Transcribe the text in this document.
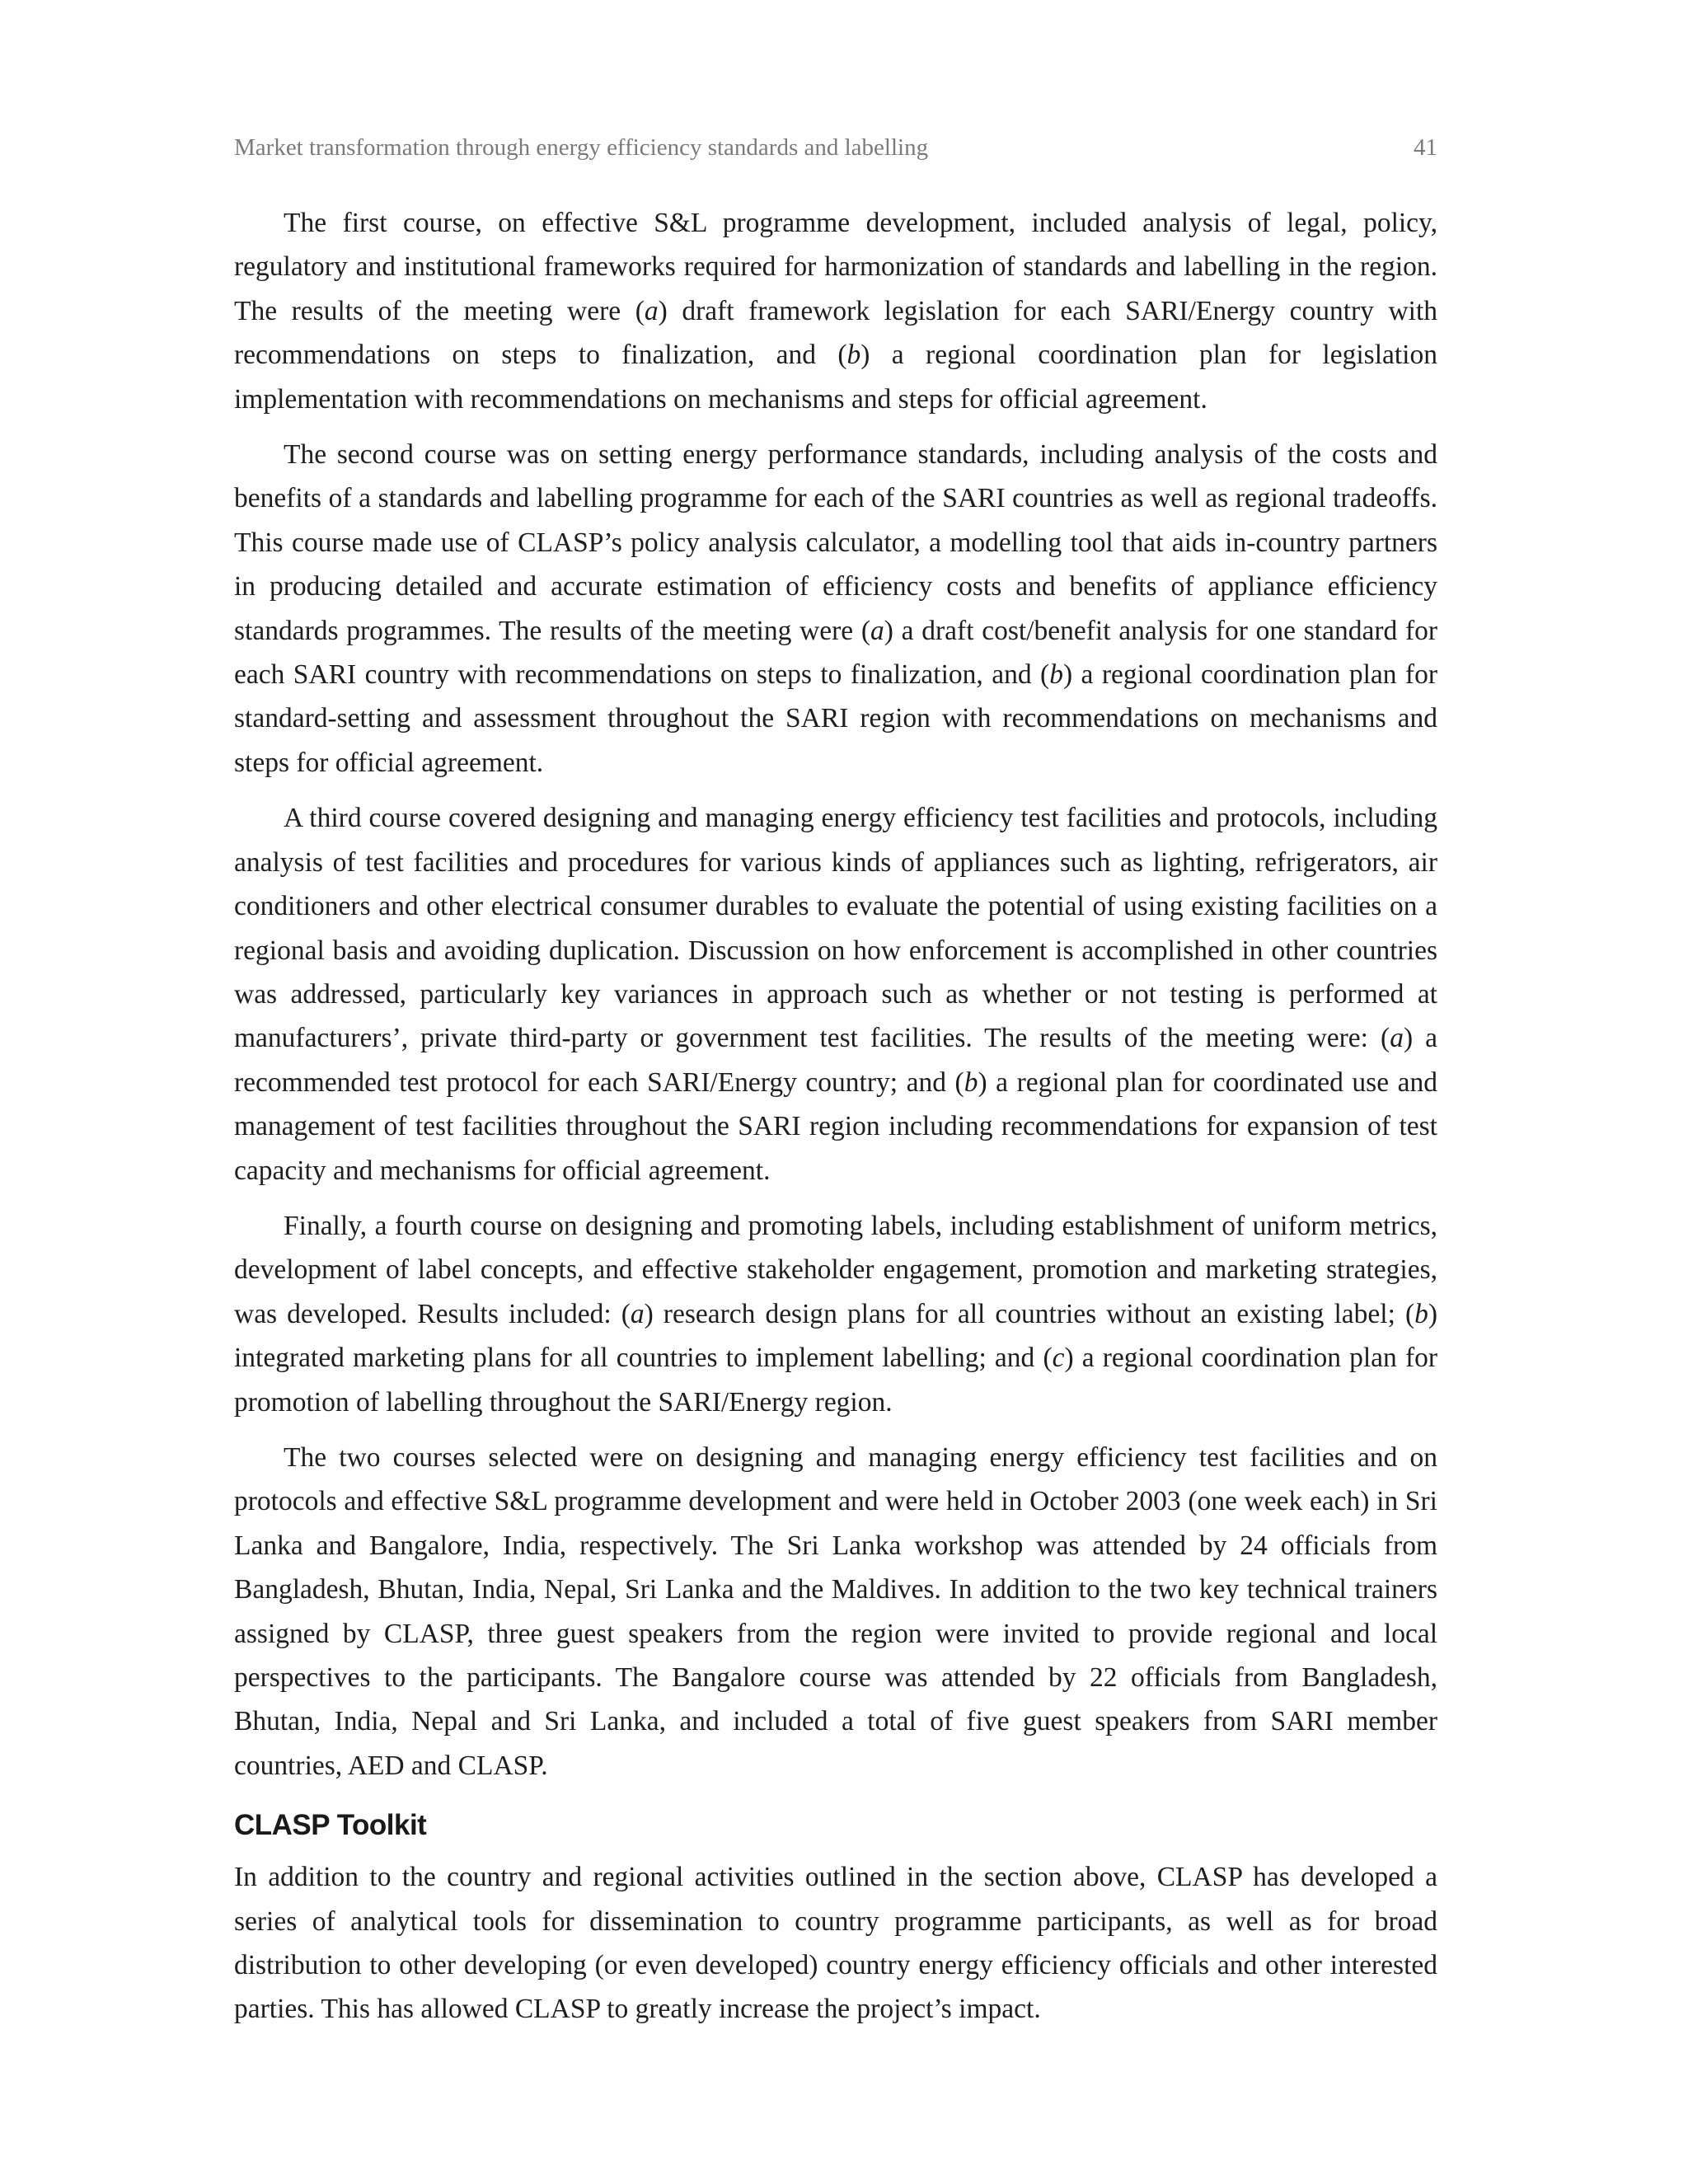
Market transformation through energy efficiency standards and labelling	41

The first course, on effective S&L programme development, included analysis of legal, policy, regulatory and institutional frameworks required for harmonization of standards and labelling in the region. The results of the meeting were (a) draft framework legislation for each SARI/Energy country with recommendations on steps to finalization, and (b) a regional coordination plan for legislation implementation with recommendations on mechanisms and steps for official agreement.

The second course was on setting energy performance standards, including analysis of the costs and benefits of a standards and labelling programme for each of the SARI countries as well as regional tradeoffs. This course made use of CLASP’s policy analysis calculator, a modelling tool that aids in-country partners in producing detailed and accurate estimation of efficiency costs and benefits of appliance efficiency standards programmes. The results of the meeting were (a) a draft cost/benefit analysis for one standard for each SARI country with recommendations on steps to finalization, and (b) a regional coordination plan for standard-setting and assessment throughout the SARI region with recommendations on mechanisms and steps for official agreement.

A third course covered designing and managing energy efficiency test facilities and protocols, including analysis of test facilities and procedures for various kinds of appliances such as lighting, refrigerators, air conditioners and other electrical consumer durables to evaluate the potential of using existing facilities on a regional basis and avoiding duplication. Discussion on how enforcement is accomplished in other countries was addressed, particularly key variances in approach such as whether or not testing is performed at manufacturers’, private third-party or government test facilities. The results of the meeting were: (a) a recommended test protocol for each SARI/Energy country; and (b) a regional plan for coordinated use and management of test facilities throughout the SARI region including recommendations for expansion of test capacity and mechanisms for official agreement.

Finally, a fourth course on designing and promoting labels, including establishment of uniform metrics, development of label concepts, and effective stakeholder engagement, promotion and marketing strategies, was developed. Results included: (a) research design plans for all countries without an existing label; (b) integrated marketing plans for all countries to implement labelling; and (c) a regional coordination plan for promotion of labelling throughout the SARI/Energy region.

The two courses selected were on designing and managing energy efficiency test facilities and on protocols and effective S&L programme development and were held in October 2003 (one week each) in Sri Lanka and Bangalore, India, respectively. The Sri Lanka workshop was attended by 24 officials from Bangladesh, Bhutan, India, Nepal, Sri Lanka and the Maldives. In addition to the two key technical trainers assigned by CLASP, three guest speakers from the region were invited to provide regional and local perspectives to the participants. The Bangalore course was attended by 22 officials from Bangladesh, Bhutan, India, Nepal and Sri Lanka, and included a total of five guest speakers from SARI member countries, AED and CLASP.

CLASP Toolkit

In addition to the country and regional activities outlined in the section above, CLASP has developed a series of analytical tools for dissemination to country programme participants, as well as for broad distribution to other developing (or even developed) country energy efficiency officials and other interested parties. This has allowed CLASP to greatly increase the project’s impact.
